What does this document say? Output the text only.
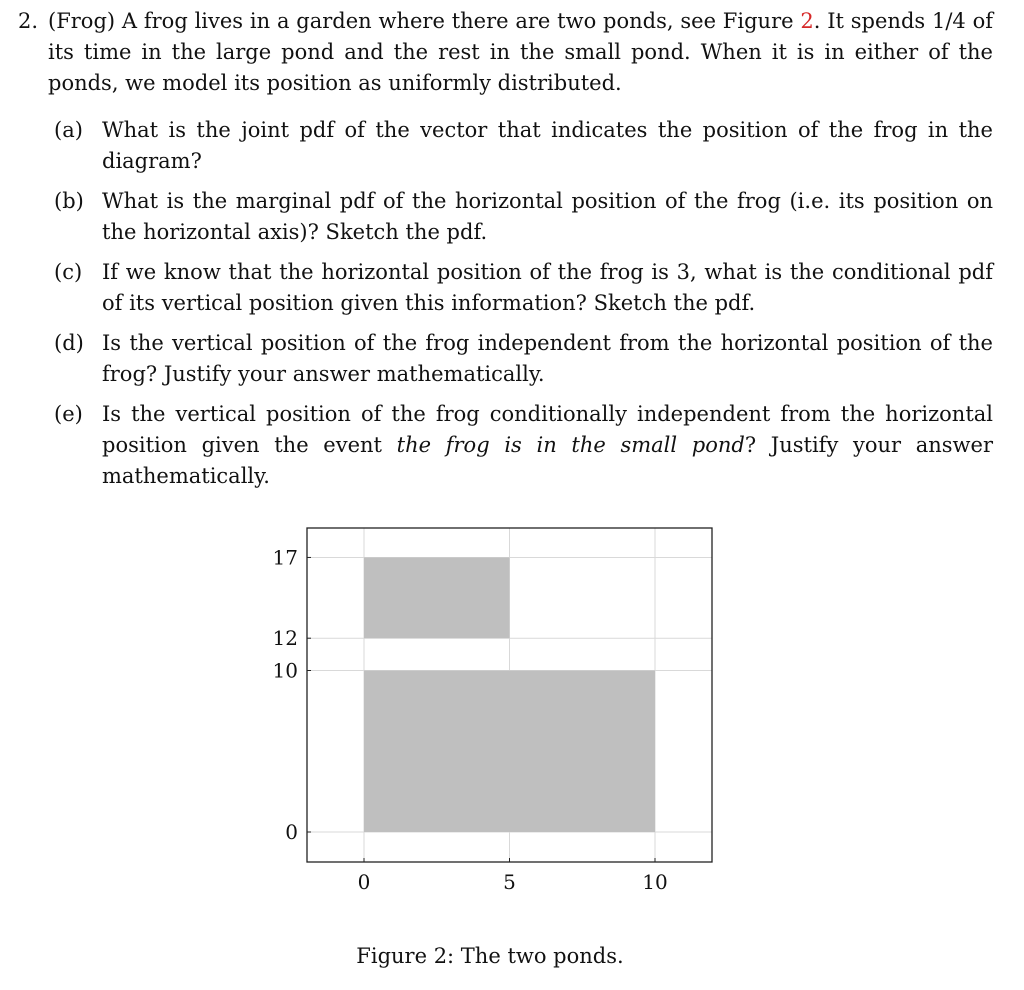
2. (Frog) A frog lives in a garden where there are two ponds, see Figure 2. It spends 1/4 of its time in the large pond and the rest in the small pond. When it is in either of the ponds, we model its position as uniformly distributed.
(a) What is the joint pdf of the vector that indicates the position of the frog in the diagram?
(b) What is the marginal pdf of the horizontal position of the frog (i.e. its position on the horizontal axis)? Sketch the pdf.
(c) If we know that the horizontal position of the frog is 3, what is the conditional pdf of its vertical position given this information? Sketch the pdf.
(d) Is the vertical position of the frog independent from the horizontal position of the frog? Justify your answer mathematically.
(e) Is the vertical position of the frog conditionally independent from the horizontal position given the event the frog is in the small pond? Justify your answer mathematically.
0	5	10
0
10
12
17
Figure 2: The two ponds.
